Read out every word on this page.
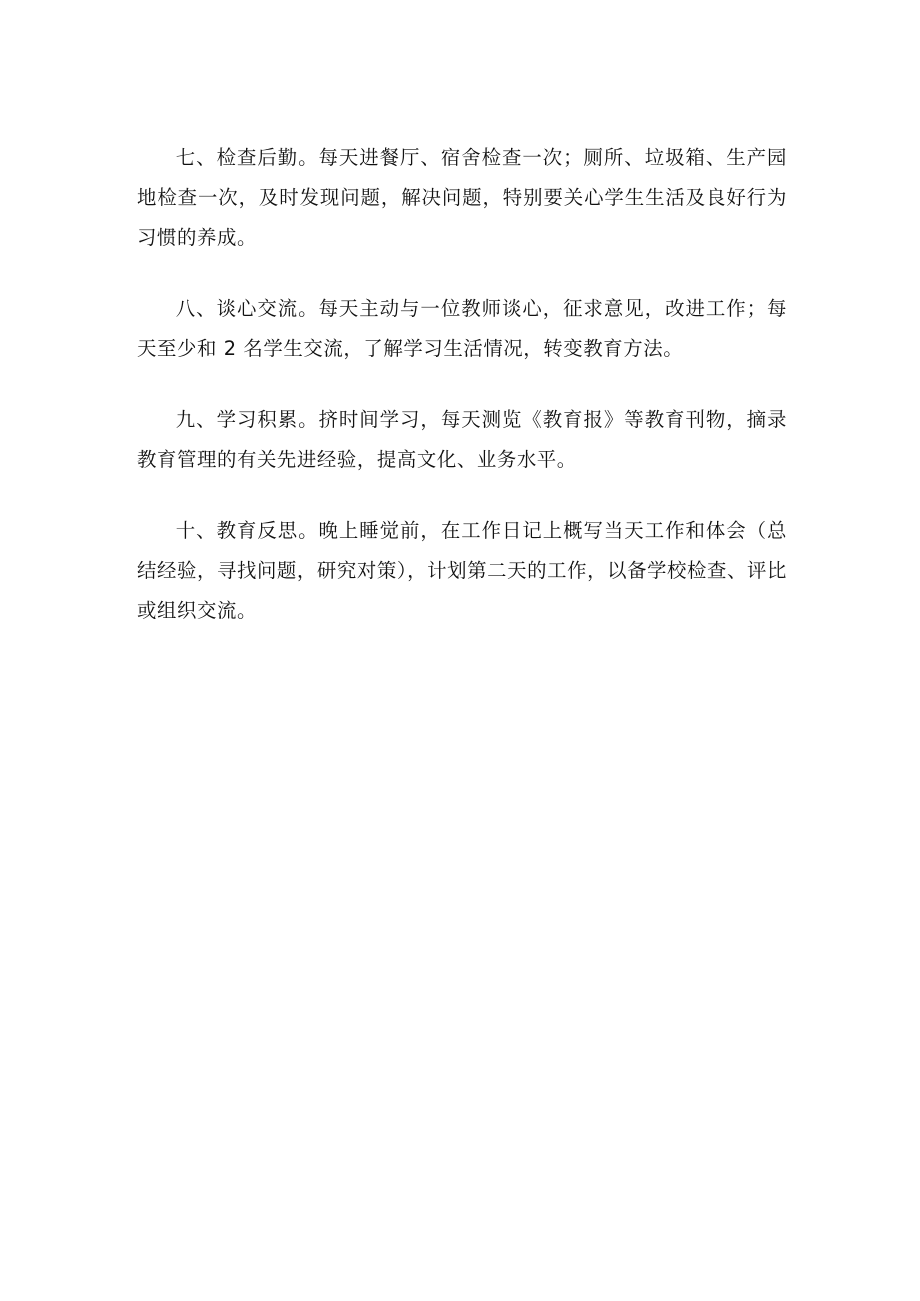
七、检查后勤。每天进餐厅、宿舍检查一次；厕所、垃圾箱、生产园地检查一次，及时发现问题，解决问题，特别要关心学生生活及良好行为习惯的养成。

八、谈心交流。每天主动与一位教师谈心，征求意见，改进工作；每天至少和 2 名学生交流，了解学习生活情况，转变教育方法。

九、学习积累。挤时间学习，每天测览《教育报》等教育刊物，摘录教育管理的有关先进经验，提高文化、业务水平。

十、教育反思。晚上睡觉前，在工作日记上概写当天工作和体会（总结经验，寻找问题，研究对策），计划第二天的工作，以备学校检查、评比或组织交流。
